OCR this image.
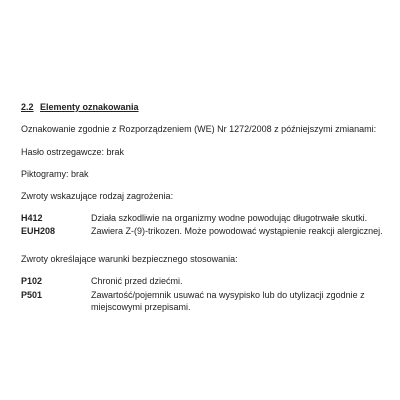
2.2 Elementy oznakowania
Oznakowanie zgodnie z Rozporządzeniem (WE) Nr 1272/2008 z późniejszymi zmianami:
Hasło ostrzegawcze: brak
Piktogramy: brak
Zwroty wskazujące rodzaj zagrożenia:
H412	Działa szkodliwie na organizmy wodne powodując długotrwałe skutki.
EUH208	Zawiera Z-(9)-trikozen. Może powodować wystąpienie reakcji alergicznej.
Zwroty określające warunki bezpiecznego stosowania:
P102	Chronić przed dziećmi.
P501	Zawartość/pojemnik usuwać na wysypisko lub do utylizacji zgodnie z miejscowymi przepisami.
